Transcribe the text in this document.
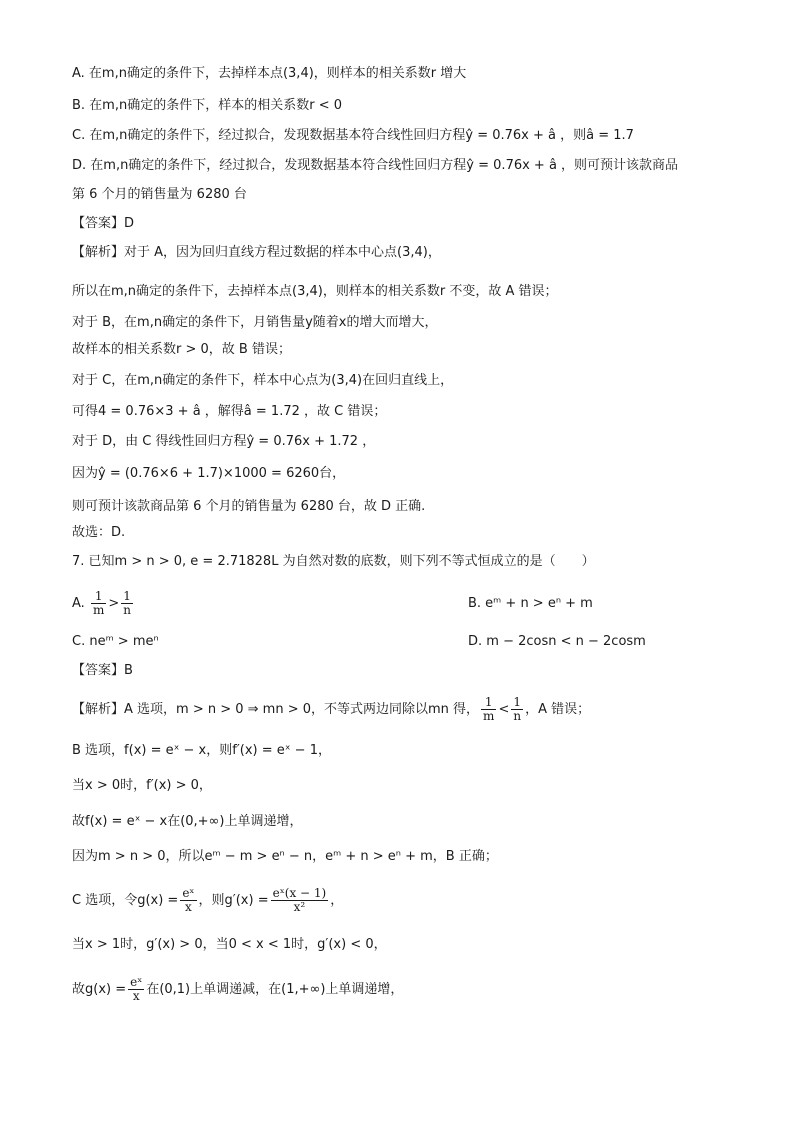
A. 在m,n确定的条件下，去掉样本点(3,4)，则样本的相关系数r 增大
B. 在m,n确定的条件下，样本的相关系数r < 0
C. 在m,n确定的条件下，经过拟合，发现数据基本符合线性回归方程ŷ = 0.76x + â ，则â = 1.7
D. 在m,n确定的条件下，经过拟合，发现数据基本符合线性回归方程ŷ = 0.76x + â ，则可预计该款商品
第 6 个月的销售量为 6280 台
【答案】D
【解析】对于 A，因为回归直线方程过数据的样本中心点(3,4)，
所以在m,n确定的条件下，去掉样本点(3,4)，则样本的相关系数r 不变，故 A 错误；
对于 B，在m,n确定的条件下，月销售量y随着x的增大而增大，
故样本的相关系数r > 0，故 B 错误；
对于 C，在m,n确定的条件下，样本中心点为(3,4)在回归直线上，
可得4 = 0.76×3 + â ，解得â = 1.72 ，故 C 错误；
对于 D，由 C 得线性回归方程ŷ = 0.76x + 1.72 ，
因为ŷ = (0.76×6 + 1.7)×1000 = 6260台，
则可预计该款商品第 6 个月的销售量为 6280 台，故 D 正确.
故选：D.
7. 已知m > n > 0, e = 2.71828L 为自然对数的底数，则下列不等式恒成立的是（　　）
A. $\frac{1}{m} > \frac{1}{n}$	B. eᵐ + n > eⁿ + m
C. neᵐ > meⁿ	D. m − 2cosn < n − 2cosm
【答案】B
【解析】A 选项，m > n > 0 ⇒ mn > 0，不等式两边同除以mn 得， $\frac{1}{m} < \frac{1}{n}$ ，A 错误；
B 选项，f(x) = eˣ − x，则f′(x) = eˣ − 1，
当x > 0时，f′(x) > 0，
故f(x) = eˣ − x在(0,+∞)上单调递增，
因为m > n > 0，所以eᵐ − m > eⁿ − n，eᵐ + n > eⁿ + m，B 正确；
C 选项，令$g(x) = \frac{\text{eˣ}}{x}$ ，则$g'(x) = \frac{\text{eˣ(x − 1)}}{\text{x²}}$ ，
当x > 1时，g′(x) > 0，当0 < x < 1时，g′(x) < 0，
故$g(x) = \frac{\text{eˣ}}{x}$ 在(0,1)上单调递减，在(1,+∞)上单调递增，
